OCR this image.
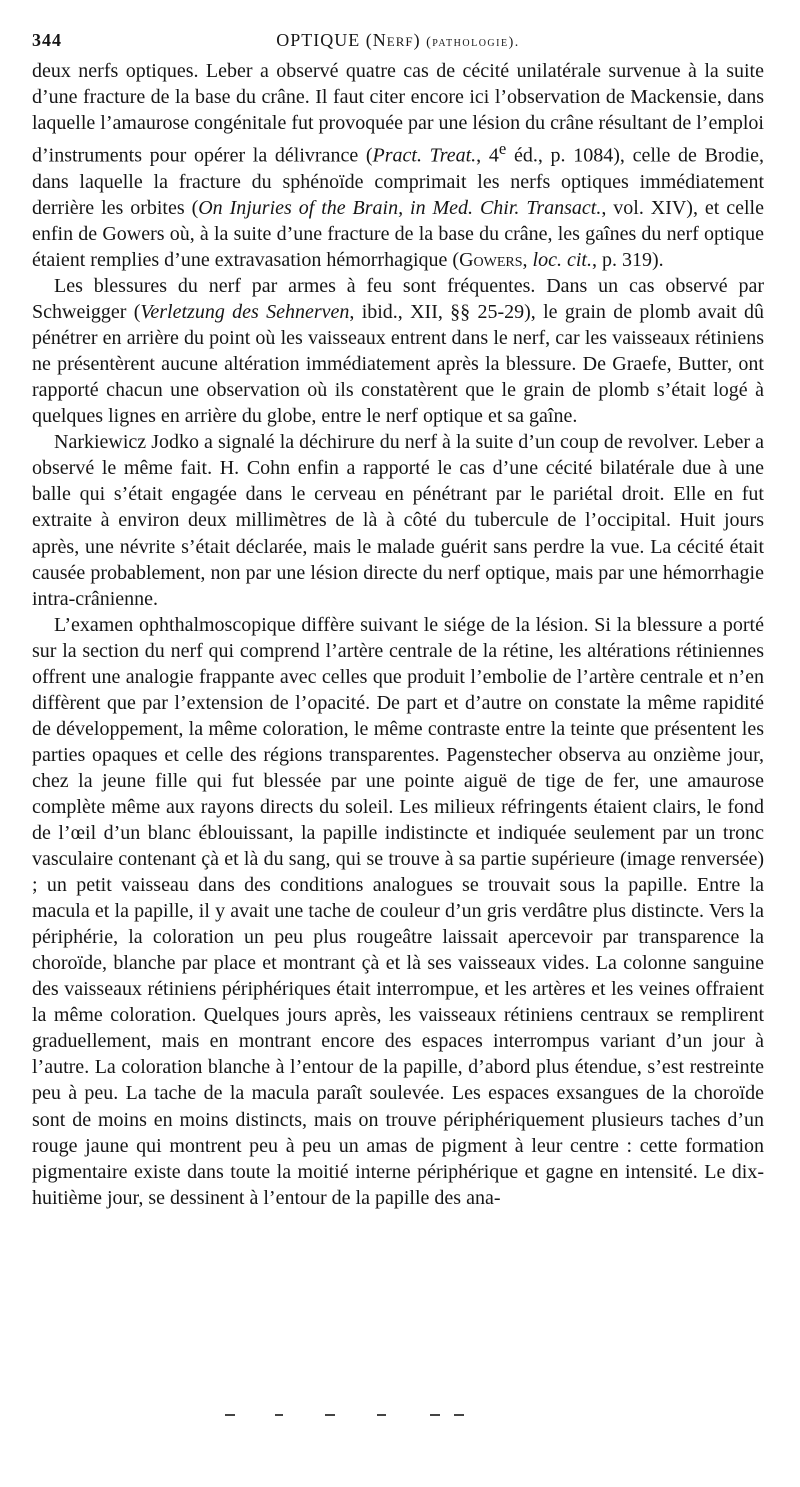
344	OPTIQUE (Nerf) (pathologie).

deux nerfs optiques. Leber a observé quatre cas de cécité unilatérale survenue à la suite d’une fracture de la base du crâne. Il faut citer encore ici l’observation de Mackensie, dans laquelle l’amaurose congénitale fut provoquée par une lésion du crâne résultant de l’emploi d’instruments pour opérer la délivrance (Pract. Treat., 4e éd., p. 1084), celle de Brodie, dans laquelle la fracture du sphénoïde comprimait les nerfs optiques immédiatement derrière les orbites (On Injuries of the Brain, in Med. Chir. Transact., vol. XIV), et celle enfin de Gowers où, à la suite d’une fracture de la base du crâne, les gaînes du nerf optique étaient remplies d’une extravasation hémorrhagique (Gowers, loc. cit., p. 319).

Les blessures du nerf par armes à feu sont fréquentes. Dans un cas observé par Schweigger (Verletzung des Sehnerven, ibid., XII, §§ 25-29), le grain de plomb avait dû pénétrer en arrière du point où les vaisseaux entrent dans le nerf, car les vaisseaux rétiniens ne présentèrent aucune altération immédiatement après la blessure. De Graefe, Butter, ont rapporté chacun une observation où ils constatèrent que le grain de plomb s’était logé à quelques lignes en arrière du globe, entre le nerf optique et sa gaîne.

Narkiewicz Jodko a signalé la déchirure du nerf à la suite d’un coup de revolver. Leber a observé le même fait. H. Cohn enfin a rapporté le cas d’une cécité bilatérale due à une balle qui s’était engagée dans le cerveau en pénétrant par le pariétal droit. Elle en fut extraite à environ deux millimètres de là à côté du tubercule de l’occipital. Huit jours après, une névrite s’était déclarée, mais le malade guérit sans perdre la vue. La cécité était causée probablement, non par une lésion directe du nerf optique, mais par une hémorrhagie intra-crânienne.

L’examen ophthalmoscopique diffère suivant le siége de la lésion. Si la blessure a porté sur la section du nerf qui comprend l’artère centrale de la rétine, les altérations rétiniennes offrent une analogie frappante avec celles que produit l’embolie de l’artère centrale et n’en diffèrent que par l’extension de l’opacité. De part et d’autre on constate la même rapidité de développement, la même coloration, le même contraste entre la teinte que présentent les parties opaques et celle des régions transparentes. Pagenstecher observa au onzième jour, chez la jeune fille qui fut blessée par une pointe aiguë de tige de fer, une amaurose complète même aux rayons directs du soleil. Les milieux réfringents étaient clairs, le fond de l’œil d’un blanc éblouissant, la papille indistincte et indiquée seulement par un tronc vasculaire contenant çà et là du sang, qui se trouve à sa partie supérieure (image renversée) ; un petit vaisseau dans des conditions analogues se trouvait sous la papille. Entre la macula et la papille, il y avait une tache de couleur d’un gris verdâtre plus distincte. Vers la périphérie, la coloration un peu plus rougeâtre laissait apercevoir par transparence la choroïde, blanche par place et montrant çà et là ses vaisseaux vides. La colonne sanguine des vaisseaux rétiniens périphériques était interrompue, et les artères et les veines offraient la même coloration. Quelques jours après, les vaisseaux rétiniens centraux se remplirent graduellement, mais en montrant encore des espaces interrompus variant d’un jour à l’autre. La coloration blanche à l’entour de la papille, d’abord plus étendue, s’est restreinte peu à peu. La tache de la macula paraît soulevée. Les espaces exsangues de la choroïde sont de moins en moins distincts, mais on trouve périphériquement plusieurs taches d’un rouge jaune qui montrent peu à peu un amas de pigment à leur centre : cette formation pigmentaire existe dans toute la moitié interne périphérique et gagne en intensité. Le dix-huitième jour, se dessinent à l’entour de la papille des ana-
